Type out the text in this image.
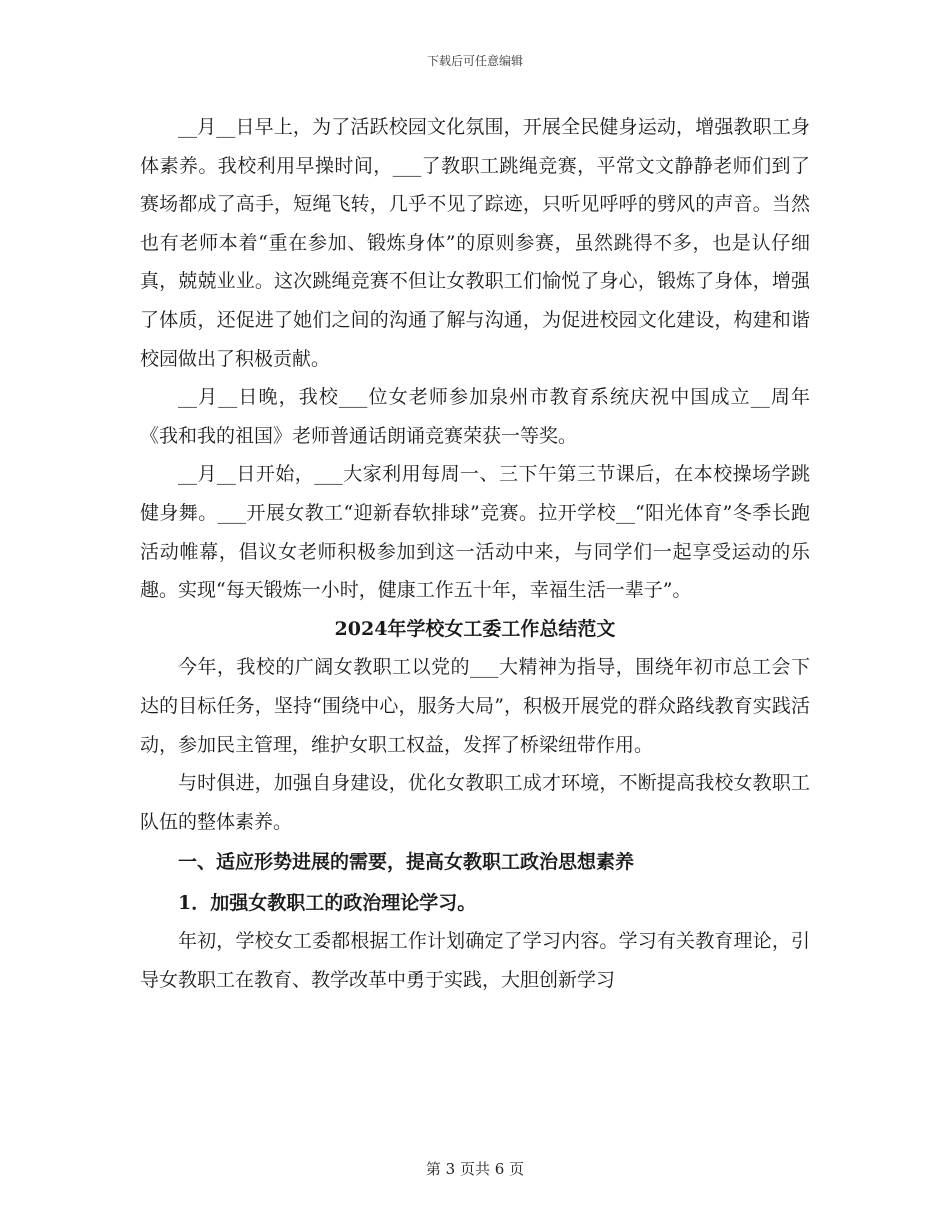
下载后可任意编辑

__月__日早上，为了活跃校园文化氛围，开展全民健身运动，增强教职工身体素养。我校利用早操时间，___了教职工跳绳竞赛，平常文文静静老师们到了赛场都成了高手，短绳飞转，几乎不见了踪迹，只听见呼呼的劈风的声音。当然也有老师本着“重在参加、锻炼身体”的原则参赛，虽然跳得不多，也是认仔细真，兢兢业业。这次跳绳竞赛不但让女教职工们愉悦了身心，锻炼了身体，增强了体质，还促进了她们之间的沟通了解与沟通，为促进校园文化建设，构建和谐校园做出了积极贡献。

__月__日晚，我校___位女老师参加泉州市教育系统庆祝中国成立__周年《我和我的祖国》老师普通话朗诵竞赛荣获一等奖。

__月__日开始，___大家利用每周一、三下午第三节课后，在本校操场学跳健身舞。___开展女教工“迎新春软排球”竞赛。拉开学校__“阳光体育”冬季长跑活动帷幕，倡议女老师积极参加到这一活动中来，与同学们一起享受运动的乐趣。实现“每天锻炼一小时，健康工作五十年，幸福生活一辈子”。

2024年学校女工委工作总结范文

今年，我校的广阔女教职工以党的___大精神为指导，围绕年初市总工会下达的目标任务，坚持“围绕中心，服务大局”，积极开展党的群众路线教育实践活动，参加民主管理，维护女职工权益，发挥了桥梁纽带作用。

与时俱进，加强自身建设，优化女教职工成才环境，不断提高我校女教职工队伍的整体素养。

一、适应形势进展的需要，提高女教职工政治思想素养

1．加强女教职工的政治理论学习。

年初，学校女工委都根据工作计划确定了学习内容。学习有关教育理论，引导女教职工在教育、教学改革中勇于实践，大胆创新学习

第 3 页共 6 页
